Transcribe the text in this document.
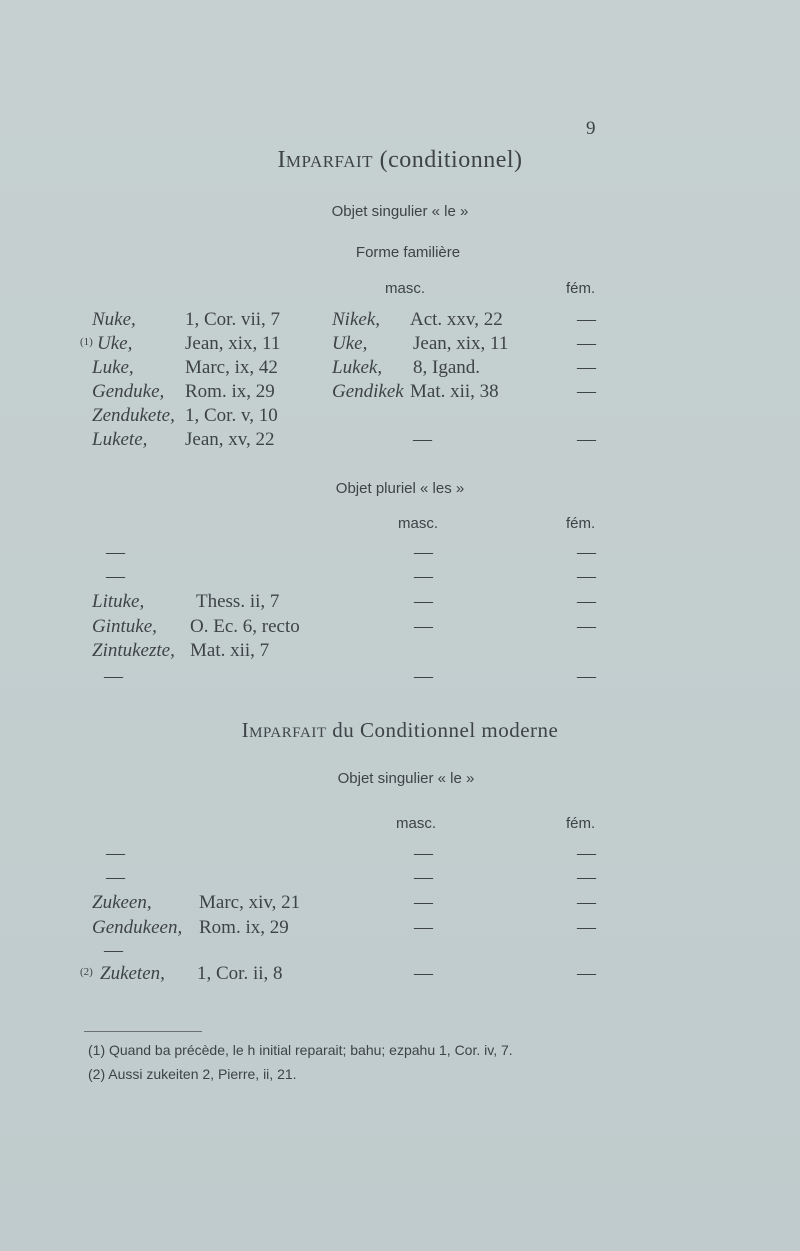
9
Imparfait (conditionnel)
Objet singulier « le »
Forme familière
masc.	fém.
Nuke,	1, Cor. vii, 7	Nikek, Act. xxv, 22	—
(1) Uke,	Jean, xix, 11	Uke, Jean, xix, 11	—
Luke,	Marc, ix, 42	Lukek, 8, Igand.	—
Genduke, Rom. ix, 29	Gendikek Mat. xii, 38	—
Zendukete, 1, Cor. v, 10
Lukete, Jean, xv, 22	—	—
Objet pluriel « les »
masc.	fém.
—	—	—
—	—	—
Lituke,	Thess. ii, 7	—	—
Gintuke, O. Ec. 6, recto	—	—
Zintukezte, Mat. xii, 7
—	—	—
Imparfait du Conditionnel moderne
Objet singulier « le »
masc.	fém.
—	—	—
—	—	—
Zukeen, Marc, xiv, 21	—	—
Gendukeen, Rom. ix, 29	—	—
—
(2) Zuketen, 1, Cor. ii, 8	—	—
(1) Quand ba précède, le h initial reparait; bahu; ezpahu 1, Cor. iv, 7.
(2) Aussi zukeiten 2, Pierre, ii, 21.
